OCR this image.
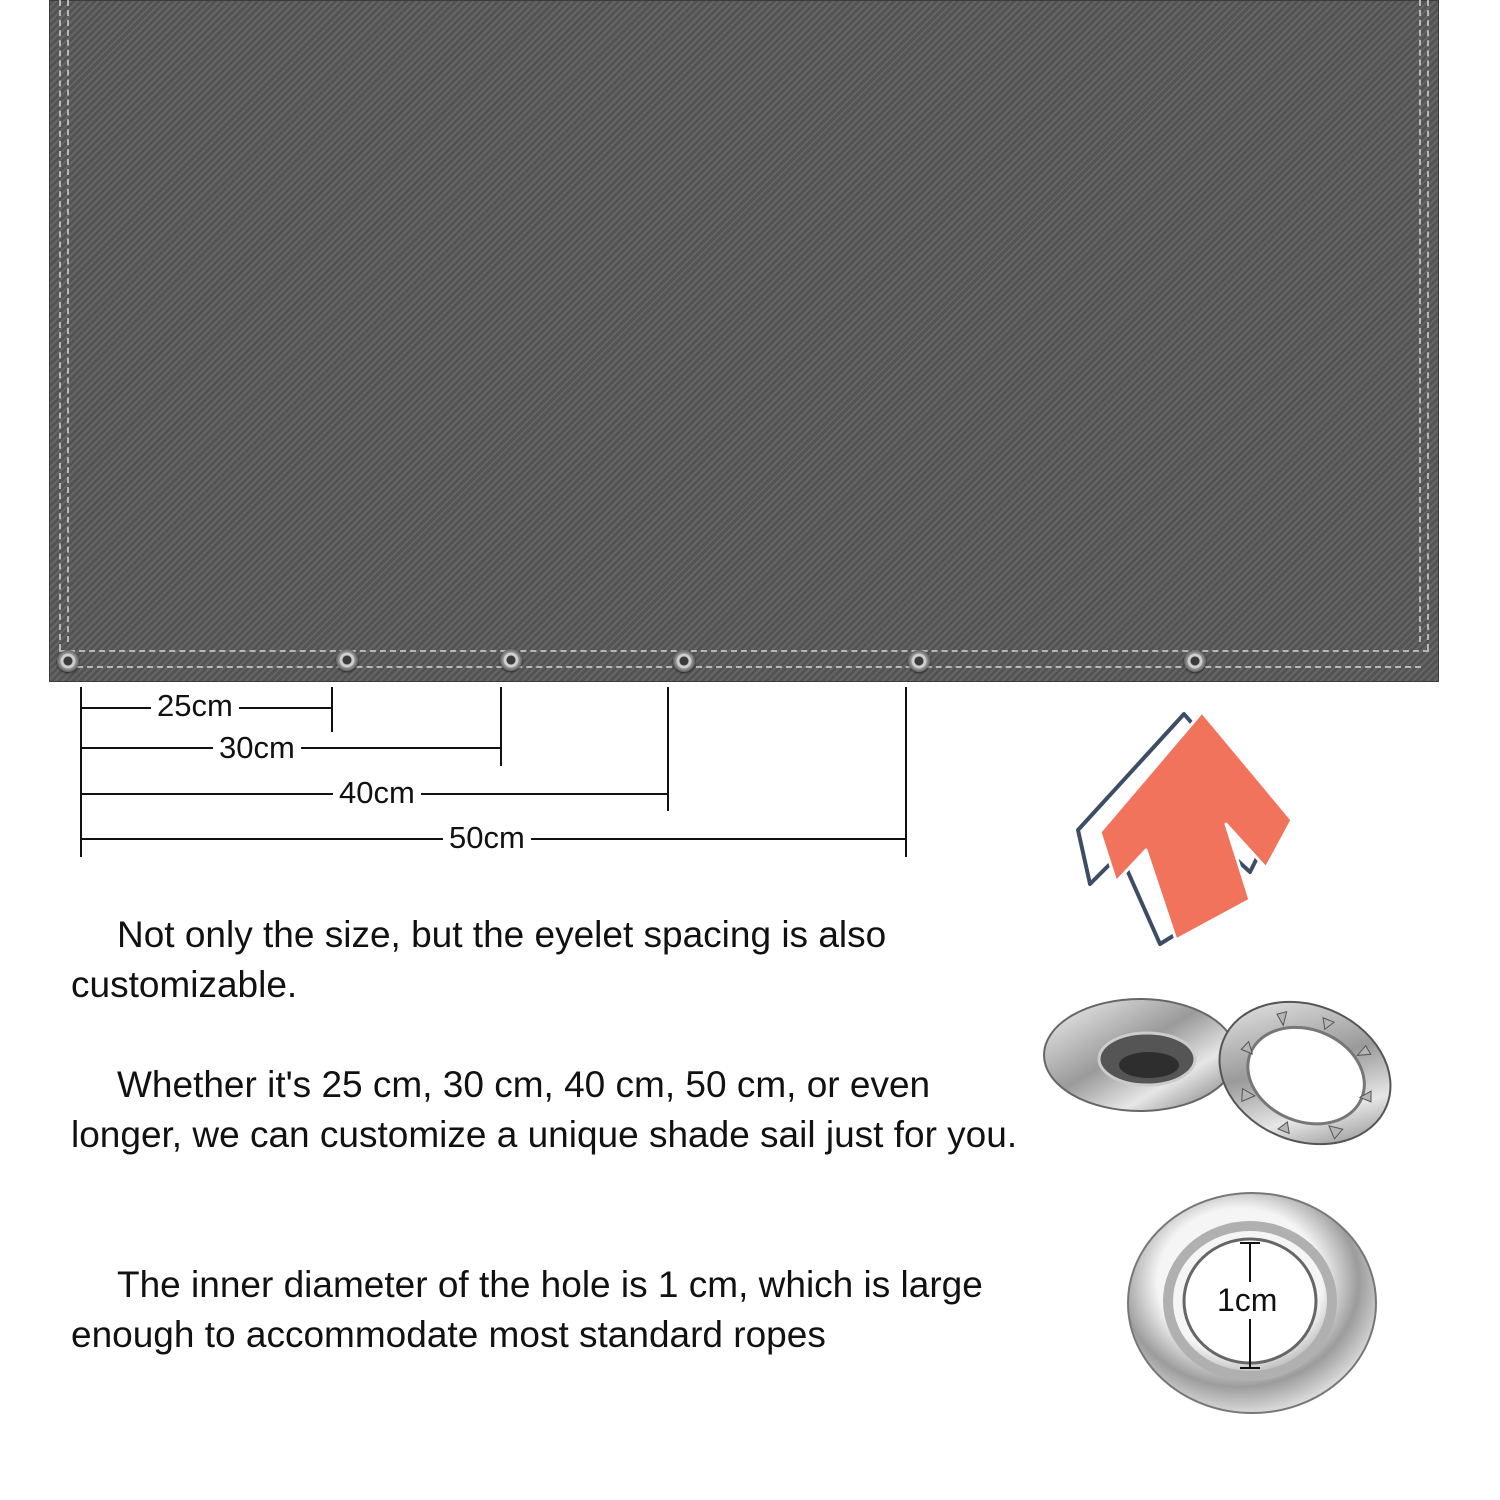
25cm
30cm
40cm
50cm

Not only the size, but the eyelet spacing is also customizable.

Whether it's 25 cm, 30 cm, 40 cm, 50 cm, or even longer, we can customize a unique shade sail just for you.

The inner diameter of the hole is 1 cm, which is large enough to accommodate most standard ropes

1cm
